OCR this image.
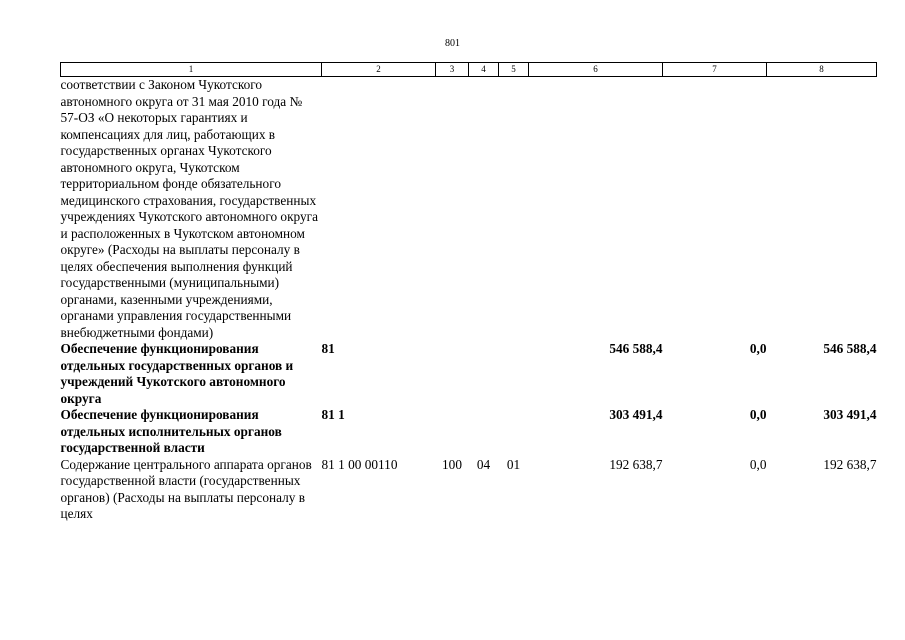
801
1	2	3	4	5	6	7	8
соответствии с Законом Чукотского автономного округа от 31 мая 2010 года № 57-ОЗ «О некоторых гарантиях и компенсациях для лиц, работающих в государственных органах Чукотского автономного округа, Чукотском территориальном фонде обязательного медицинского страхования, государственных учреждениях Чукотского автономного округа и расположенных в Чукотском автономном округе» (Расходы на выплаты персоналу в целях обеспечения выполнения функций государственными (муниципальными) органами, казенными учреждениями, органами управления государственными внебюджетными фондами)							
Обеспечение функционирования отдельных государственных органов и учреждений Чукотского автономного округа	81				546 588,4	0,0	546 588,4
Обеспечение функционирования отдельных исполнительных органов государственной власти	81 1				303 491,4	0,0	303 491,4
Содержание центрального аппарата органов государственной власти (государственных органов) (Расходы на выплаты персоналу в целях	81 1 00 00110	100	04	01	192 638,7	0,0	192 638,7
